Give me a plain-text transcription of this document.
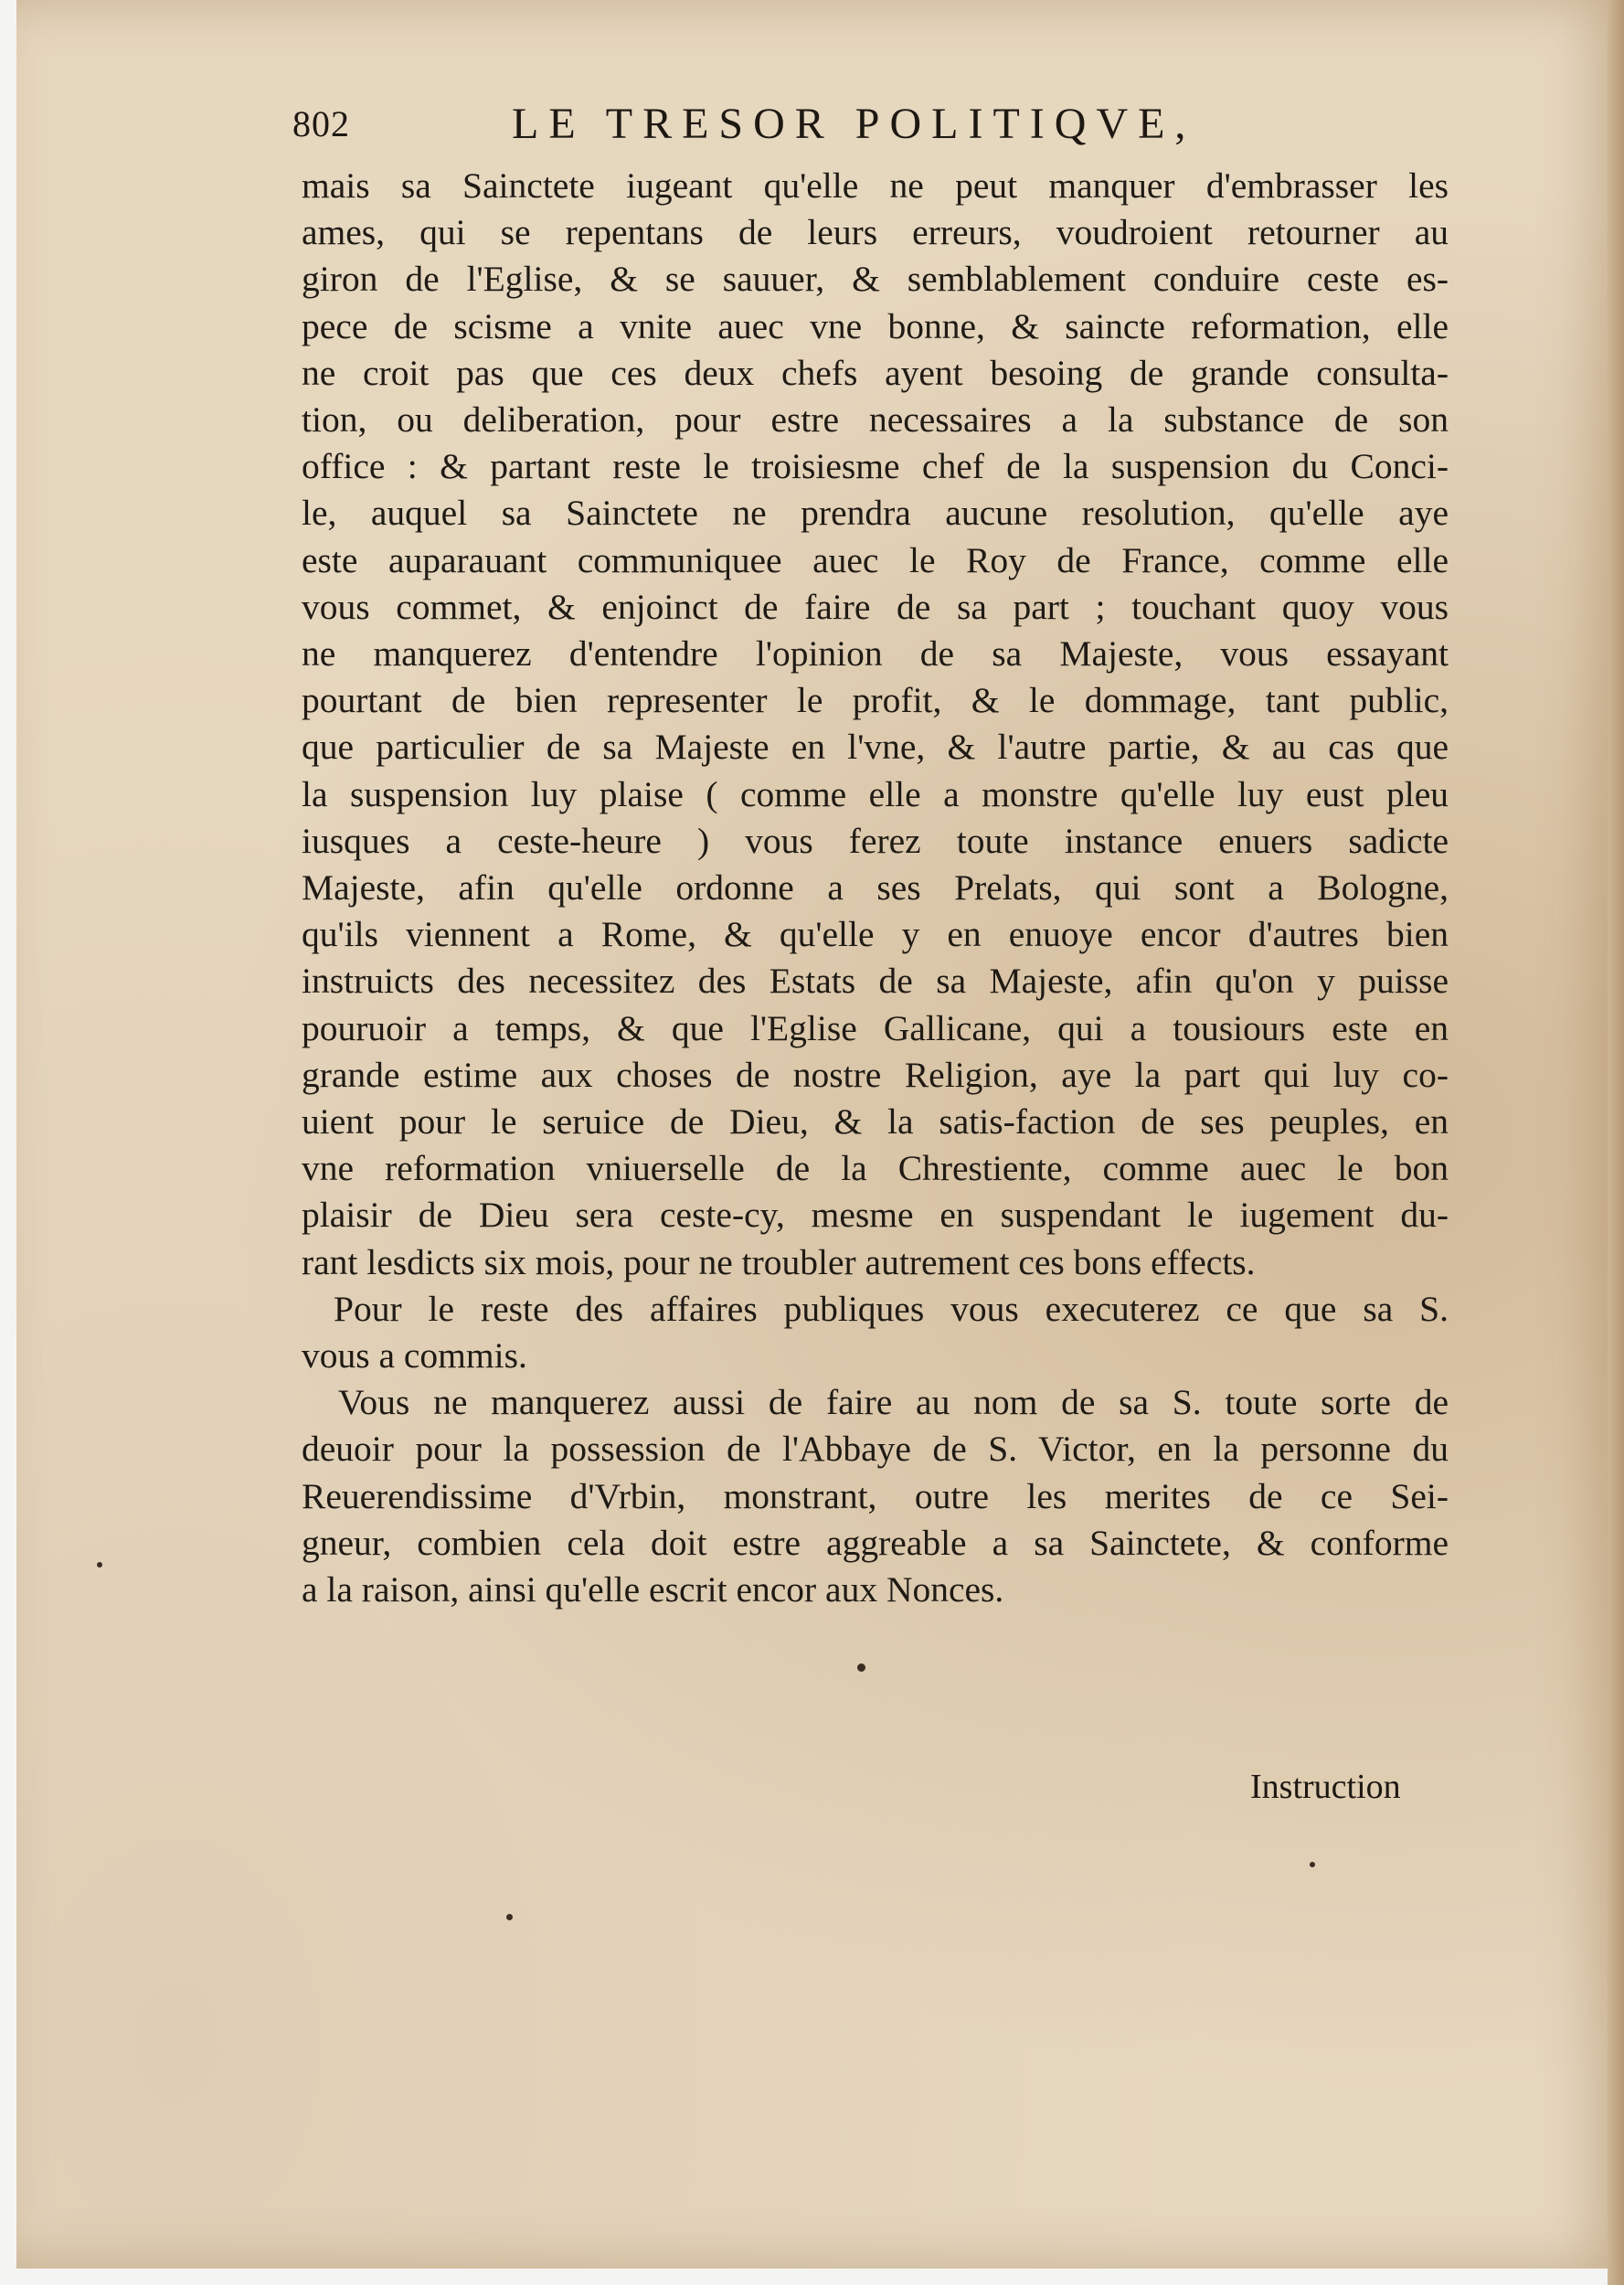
802	LE TRESOR POLITIQVE,
mais sa Sainctete iugeant qu'elle ne peut manquer d'embrasser les
ames, qui se repentans de leurs erreurs, voudroient retourner au
giron de l'Eglise, & se sauuer, & semblablement conduire ceste es-
pece de scisme a vnite auec vne bonne, & saincte reformation, elle
ne croit pas que ces deux chefs ayent besoing de grande consulta-
tion, ou deliberation, pour estre necessaires a la substance de son
office : & partant reste le troisiesme chef de la suspension du Conci-
le, auquel sa Sainctete ne prendra aucune resolution, qu'elle aye
este auparauant communiquee auec le Roy de France, comme elle
vous commet, & enjoinct de faire de sa part ; touchant quoy vous
ne manquerez d'entendre l'opinion de sa Majeste, vous essayant
pourtant de bien representer le profit, & le dommage, tant public,
que particulier de sa Majeste en l'vne, & l'autre partie, & au cas que
la suspension luy plaise ( comme elle a monstre qu'elle luy eust pleu
iusques a ceste-heure ) vous ferez toute instance enuers sadicte
Majeste, afin qu'elle ordonne a ses Prelats, qui sont a Bologne,
qu'ils viennent a Rome, & qu'elle y en enuoye encor d'autres bien
instruicts des necessitez des Estats de sa Majeste, afin qu'on y puisse
pouruoir a temps, & que l'Eglise Gallicane, qui a tousiours este en
grande estime aux choses de nostre Religion, aye la part qui luy co-
uient pour le seruice de Dieu, & la satis-faction de ses peuples, en
vne reformation vniuerselle de la Chrestiente, comme auec le bon
plaisir de Dieu sera ceste-cy, mesme en suspendant le iugement du-
rant lesdicts six mois, pour ne troubler autrement ces bons effects.
Pour le reste des affaires publiques vous executerez ce que sa S.
vous a commis.
Vous ne manquerez aussi de faire au nom de sa S. toute sorte de
deuoir pour la possession de l'Abbaye de S. Victor, en la personne du
Reuerendissime d'Vrbin, monstrant, outre les merites de ce Sei-
gneur, combien cela doit estre aggreable a sa Sainctete, & conforme
a la raison, ainsi qu'elle escrit encor aux Nonces.
Instruction
